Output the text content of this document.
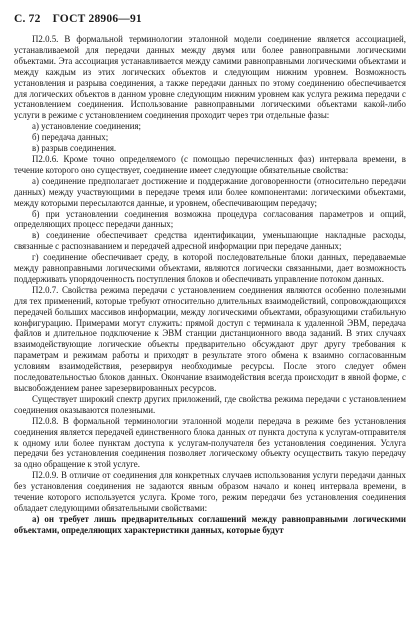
С. 72 ГОСТ 28906—91

П2.0.5. В формальной терминологии эталонной модели соединение является ассоциацией, устанавливаемой для передачи данных между двумя или более равноправными логическими объектами. Эта ассоциация устанавливается между самими равноправными логическими объектами и между каждым из этих логических объектов и следующим нижним уровнем. Возможность установления и разрыва соединения, а также передачи данных по этому соединению обеспечивается для логических объектов в данном уровне следующим нижним уровнем как услуга режима передачи с установлением соединения. Использование равноправными логическими объектами какой-либо услуги в режиме с установлением соединения проходит через три отдельные фазы:

а) установление соединения;

б) передача данных;

в) разрыв соединения.

П2.0.6. Кроме точно определяемого (с помощью перечисленных фаз) интервала времени, в течение которого оно существует, соединение имеет следующие обязательные свойства:

а) соединение предполагает достижение и поддержание договоренности (относительно передачи данных) между участвующими в передаче тремя или более компонентами: логическими объектами, между которыми пересылаются данные, и уровнем, обеспечивающим передачу;

б) при установлении соединения возможна процедура согласования параметров и опций, определяющих процесс передачи данных;

в) соединение обеспечивает средства идентификации, уменьшающие накладные расходы, связанные с распознаванием и передачей адресной информации при передаче данных;

г) соединение обеспечивает среду, в которой последовательные блоки данных, передаваемые между равноправными логическими объектами, являются логически связанными, дает возможность поддерживать упорядоченность поступления блоков и обеспечивать управление потоком данных.

П2.0.7. Свойства режима передачи с установлением соединения являются особенно полезными для тех применений, которые требуют относительно длительных взаимодействий, сопровождающихся передачей больших массивов информации, между логическими объектами, образующими стабильную конфигурацию. Примерами могут служить: прямой доступ с терминала к удаленной ЭВМ, передача файлов и длительное подключение к ЭВМ станции дистанционного ввода заданий. В этих случаях взаимодействующие логические объекты предварительно обсуждают друг другу требования к параметрам и режимам работы и приходят в результате этого обмена к взаимно согласованным условиям взаимодействия, резервируя необходимые ресурсы. После этого следует обмен последовательностью блоков данных. Окончание взаимодействия всегда происходит в явной форме, с высвобождением ранее зарезервированных ресурсов.

Существует широкий спектр других приложений, где свойства режима передачи с установлением соединения оказываются полезными.

П2.0.8. В формальной терминологии эталонной модели передача в режиме без установления соединения является передачей единственного блока данных от пункта доступа к услугам-отправителя к одному или более пунктам доступа к услугам-получателя без установления соединения. Услуга передачи без установления соединения позволяет логическому объекту осуществить такую передачу за одно обращение к этой услуге.

П2.0.9. В отличие от соединения для конкретных случаев использования услуги передачи данных без установления соединения не задаются явным образом начало и конец интервала времени, в течение которого используется услуга. Кроме того, режим передачи без установления соединения обладает следующими обязательными свойствами:

а) он требует лишь предварительных соглашений между равноправными логическими объектами, определяющих характеристики данных, которые будут
